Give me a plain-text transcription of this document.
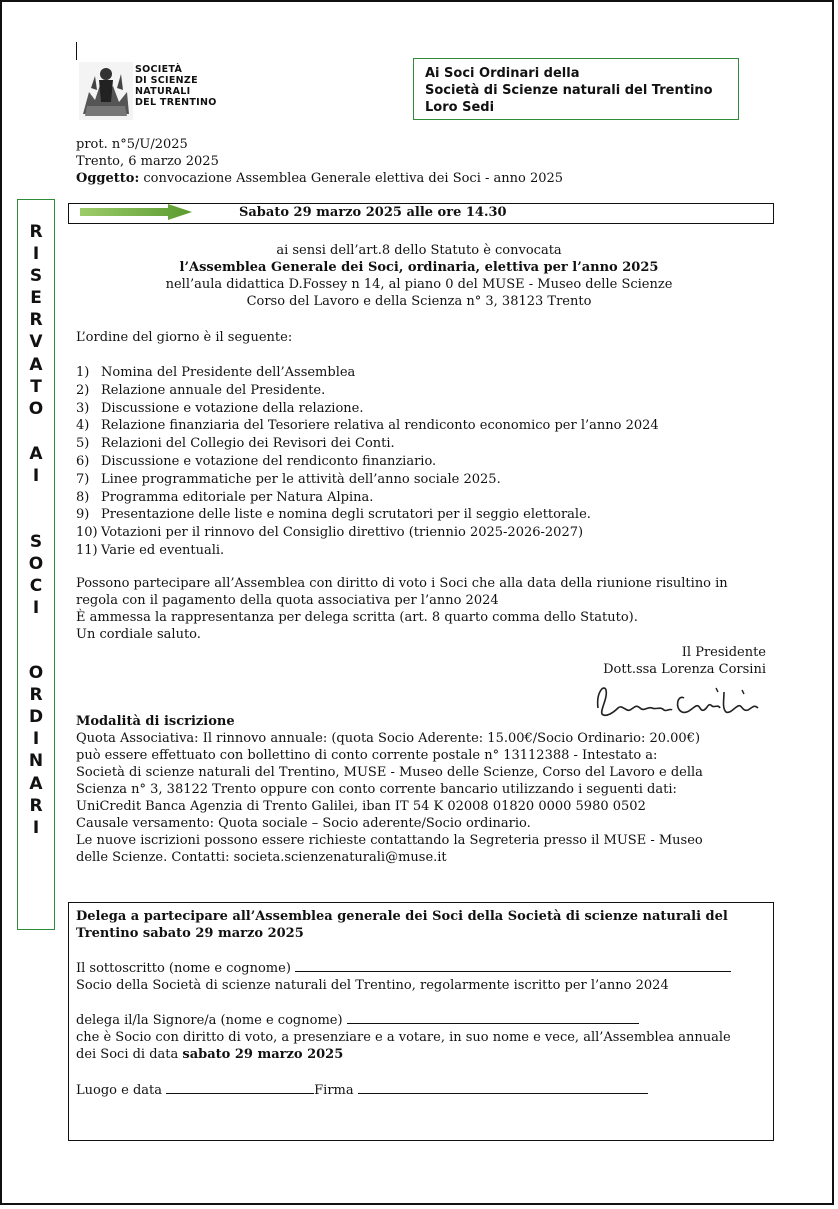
SOCIETÀ
DI SCIENZE
NATURALI
DEL TRENTINO
Ai Soci Ordinari della
Società di Scienze naturali del Trentino
Loro Sedi
prot. n°5/U/2025
Trento, 6 marzo 2025
Oggetto: convocazione Assemblea Generale elettiva dei Soci - anno 2025
R
I
S
E
R
V
A
T
O
A
I
S
O
C
I
O
R
D
I
N
A
R
I
Sabato 29 marzo 2025 alle ore 14.30
ai sensi dell’art.8 dello Statuto è convocata
l’Assemblea Generale dei Soci, ordinaria, elettiva per l’anno 2025
nell’aula didattica D.Fossey n 14, al piano 0 del MUSE - Museo delle Scienze
Corso del Lavoro e della Scienza n° 3, 38123 Trento
L’ordine del giorno è il seguente:
1) Nomina del Presidente dell’Assemblea
2) Relazione annuale del Presidente.
3) Discussione e votazione della relazione.
4) Relazione finanziaria del Tesoriere relativa al rendiconto economico per l’anno 2024
5) Relazioni del Collegio dei Revisori dei Conti.
6) Discussione e votazione del rendiconto finanziario.
7) Linee programmatiche per le attività dell’anno sociale 2025.
8) Programma editoriale per Natura Alpina.
9) Presentazione delle liste e nomina degli scrutatori per il seggio elettorale.
10) Votazioni per il rinnovo del Consiglio direttivo (triennio 2025-2026-2027)
11) Varie ed eventuali.
Possono partecipare all’Assemblea con diritto di voto i Soci che alla data della riunione risultino in
regola con il pagamento della quota associativa per l’anno 2024
È ammessa la rappresentanza per delega scritta (art. 8 quarto comma dello Statuto).
Un cordiale saluto.
Il Presidente
Dott.ssa Lorenza Corsini
Modalità di iscrizione
Quota Associativa: Il rinnovo annuale: (quota Socio Aderente: 15.00€/Socio Ordinario: 20.00€)
può essere effettuato con bollettino di conto corrente postale n° 13112388 - Intestato a:
Società di scienze naturali del Trentino, MUSE - Museo delle Scienze, Corso del Lavoro e della
Scienza n° 3, 38122 Trento oppure con conto corrente bancario utilizzando i seguenti dati:
UniCredit Banca Agenzia di Trento Galilei, iban IT 54 K 02008 01820 0000 5980 0502
Causale versamento: Quota sociale – Socio aderente/Socio ordinario.
Le nuove iscrizioni possono essere richieste contattando la Segreteria presso il MUSE - Museo
delle Scienze. Contatti: societa.scienzenaturali@muse.it
Delega a partecipare all’Assemblea generale dei Soci della Società di scienze naturali del
Trentino sabato 29 marzo 2025
Il sottoscritto (nome e cognome)
Socio della Società di scienze naturali del Trentino, regolarmente iscritto per l’anno 2024
delega il/la Signore/a (nome e cognome)
che è Socio con diritto di voto, a presenziare e a votare, in suo nome e vece, all’Assemblea annuale
dei Soci di data sabato 29 marzo 2025
Luogo e data	Firma
